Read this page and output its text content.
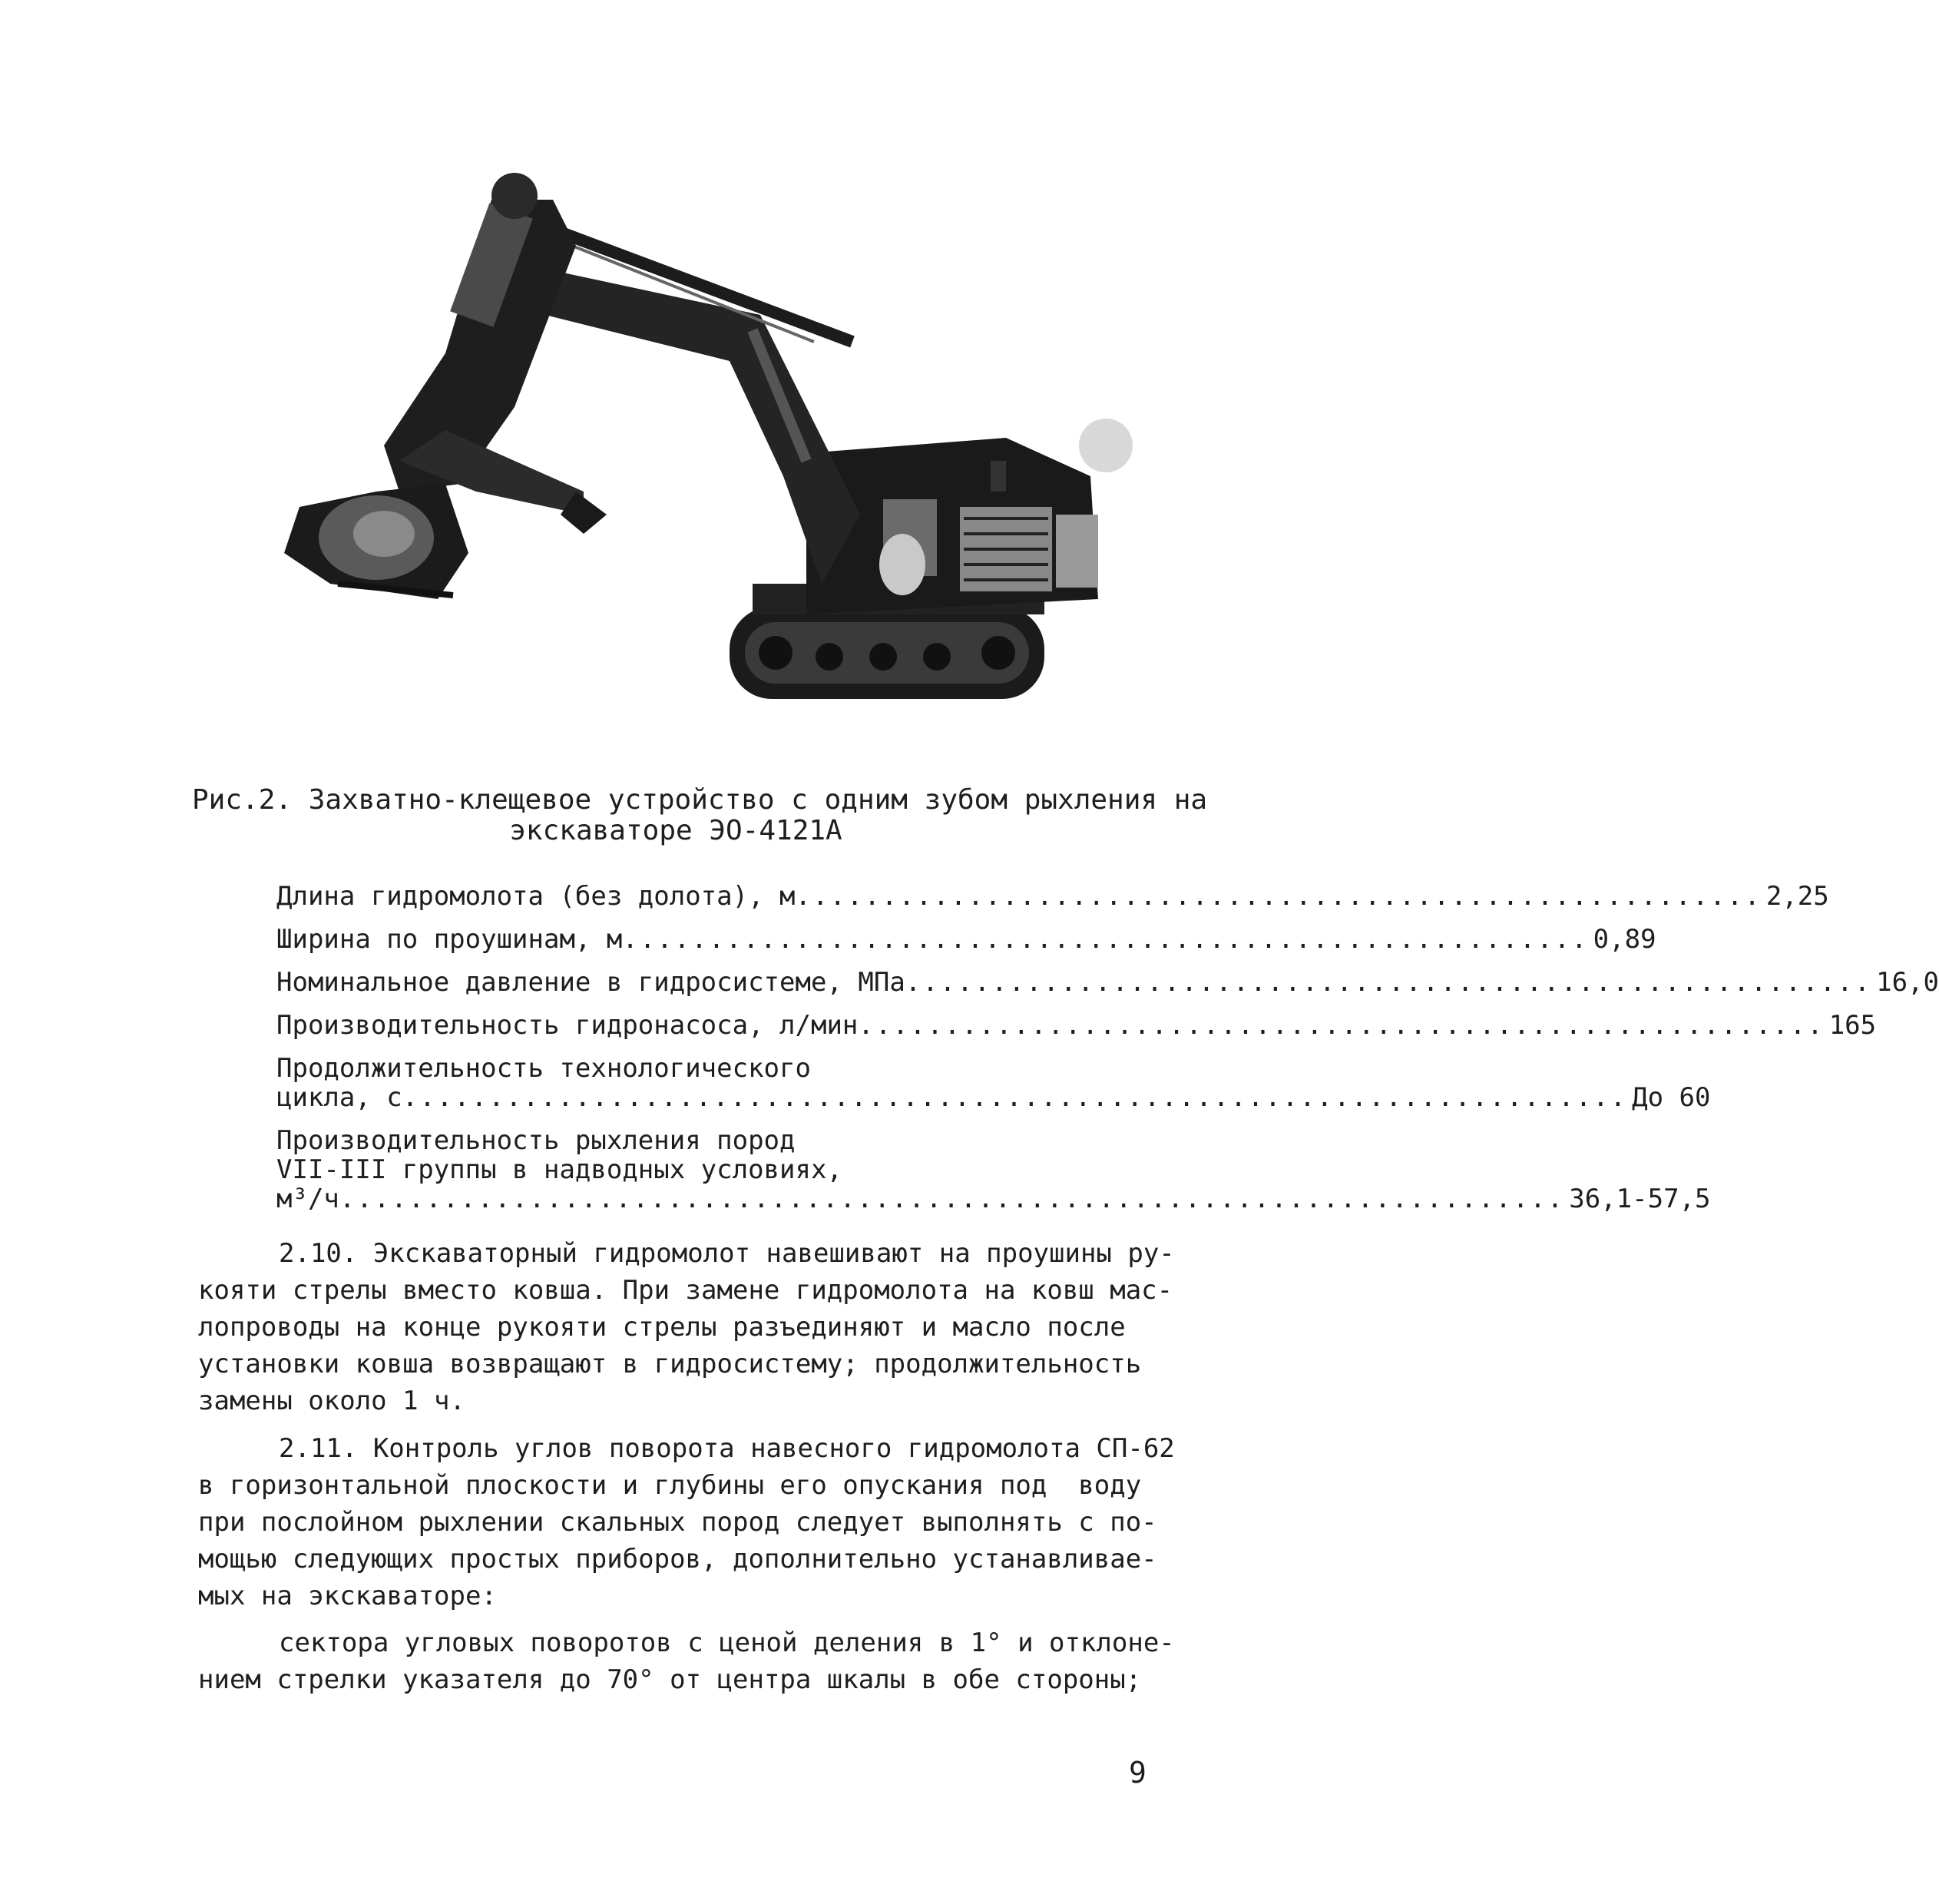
Рис.2. Захватно-клещевое устройство с одним зубом рыхления на
экскаваторе ЭО-4121А
Длина гидромолота (без долота), м ........................................................ 2,25
Ширина по проушинам, м ........................................................ 0,89
Номинальное давление в гидросистеме, МПа ........................................................ 16,0
Производительность гидронасоса, л/мин ........................................................ 165
Продолжительность технологического
цикла, с ....................................................................... До 60
Производительность рыхления пород
VII-III группы в надводных условиях,
м³/ч ....................................................................... 36,1-57,5
2.10. Экскаваторный гидромолот навешивают на проушины ру-
кояти стрелы вместо ковша. При замене гидромолота на ковш мас-
лопроводы на конце рукояти стрелы разъединяют и масло после
установки ковша возвращают в гидросистему; продолжительность
замены около 1 ч.
2.11. Контроль углов поворота навесного гидромолота СП-62
в горизонтальной плоскости и глубины его опускания под  воду
при послойном рыхлении скальных пород следует выполнять с по-
мощью следующих простых приборов, дополнительно устанавливае-
мых на экскаваторе:
сектора угловых поворотов с ценой деления в 1° и отклоне-
нием стрелки указателя до 70° от центра шкалы в обе стороны;
9
